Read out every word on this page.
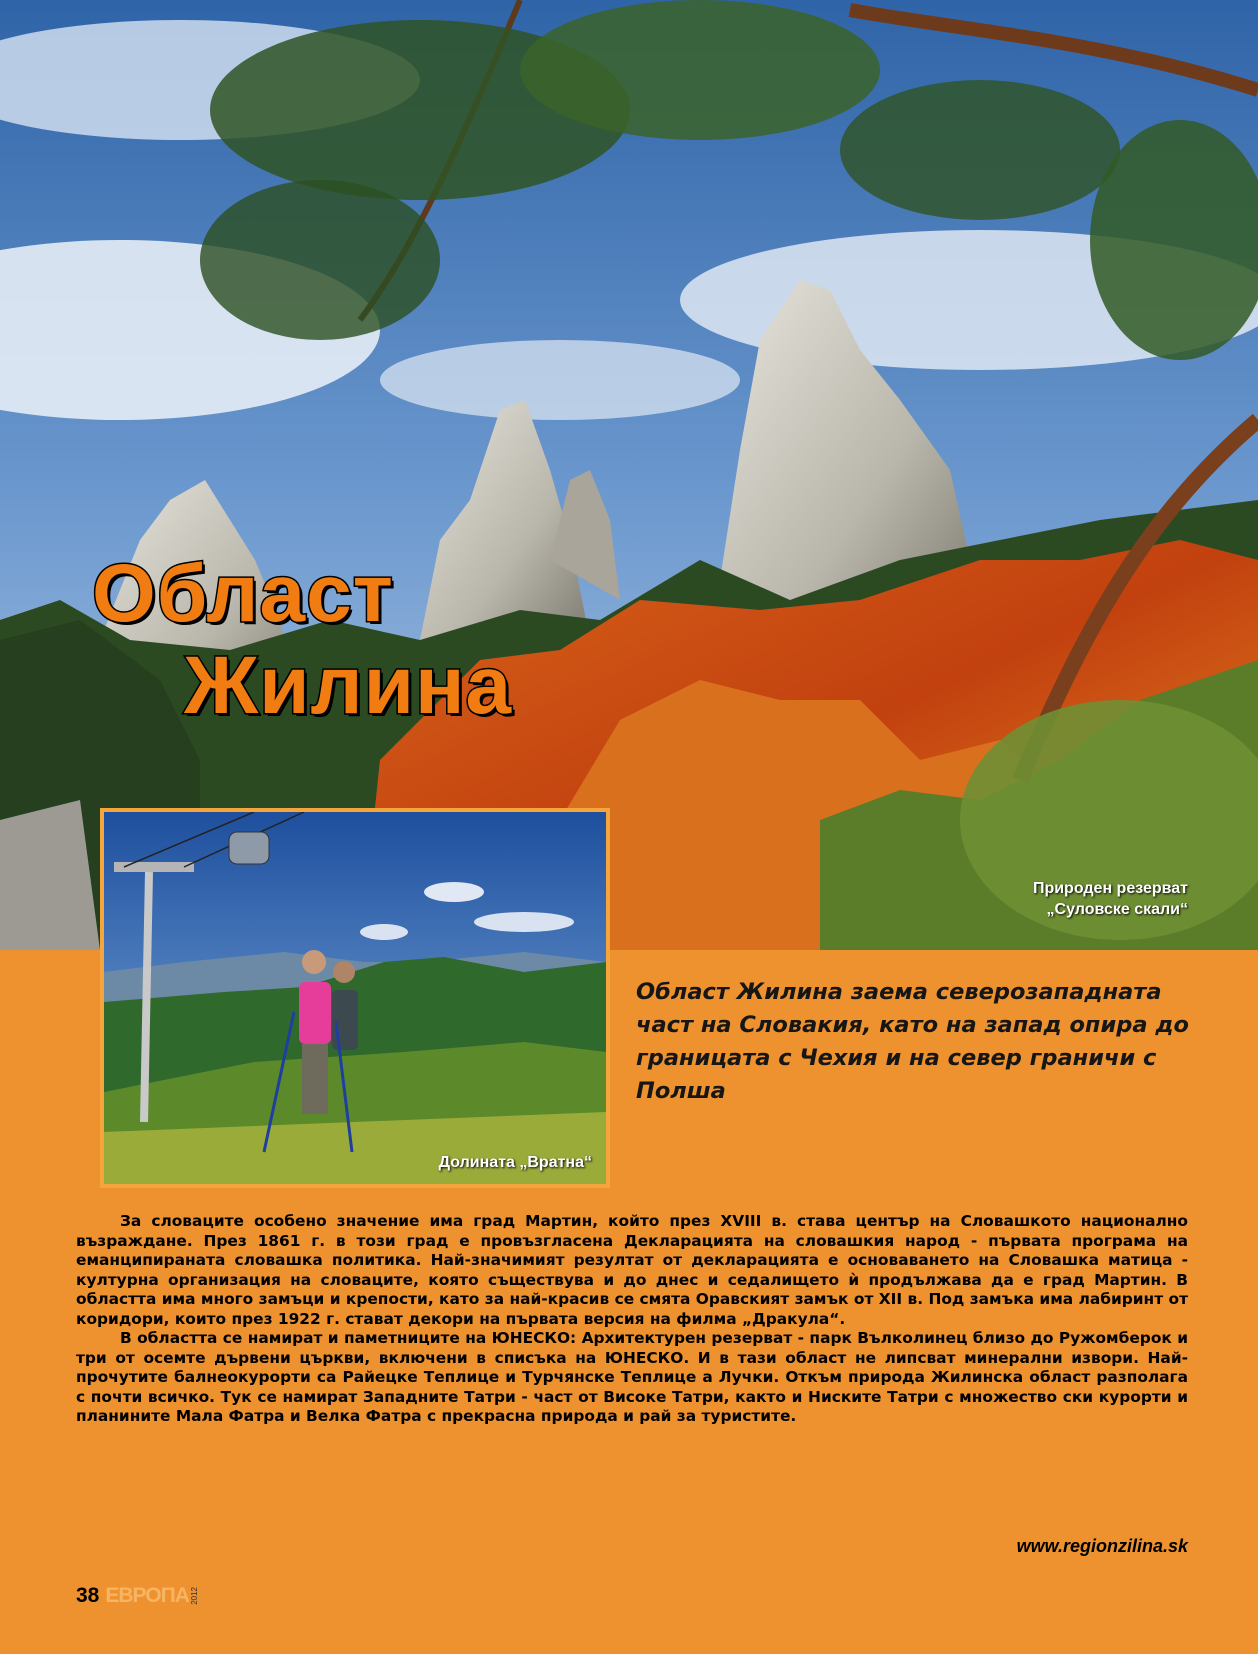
Област
Жилина
Природен резерват
„Суловске скали“
Долината „Вратна“
Област Жилина заема северозападната част на Словакия, като на запад опира до границата с Чехия и на север граничи с Полша

За словаците особено значение има град Мартин, който през XVIII в. става център на Словашкото национално възраждане. През 1861 г. в този град е провъзгласена Декларацията на словашкия народ - първата програма на еманципираната словашка политика. Най-значимият резултат от декларацията е основаването на Словашка матица - културна организация на словаците, която съществува и до днес и седалището ѝ продължава да е град Мартин. В областта има много замъци и крепости, като за най-красив се смята Оравският замък от XII в. Под замъка има лабиринт от коридори, които през 1922 г. стават декори на първата версия на филма „Дракула“.

В областта се намират и паметниците на ЮНЕСКО: Архитектурен резерват - парк Вълколинец близо до Ружомберок и три от осемте дървени църкви, включени в списъка на ЮНЕСКО. И в тази област не липсват минерални извори. Най-прочутите балнеокурорти са Райецке Теплице и Турчянске Теплице а Лучки. Откъм природа Жилинска област разполага с почти всичко. Тук се намират Западните Татри - част от Високе Татри, както и Ниските Татри с множество ски курорти и планините Мала Фатра и Велка Фатра с прекрасна природа и рай за туристите.

www.regionzilina.sk
38 ЕВРОПА 2012
